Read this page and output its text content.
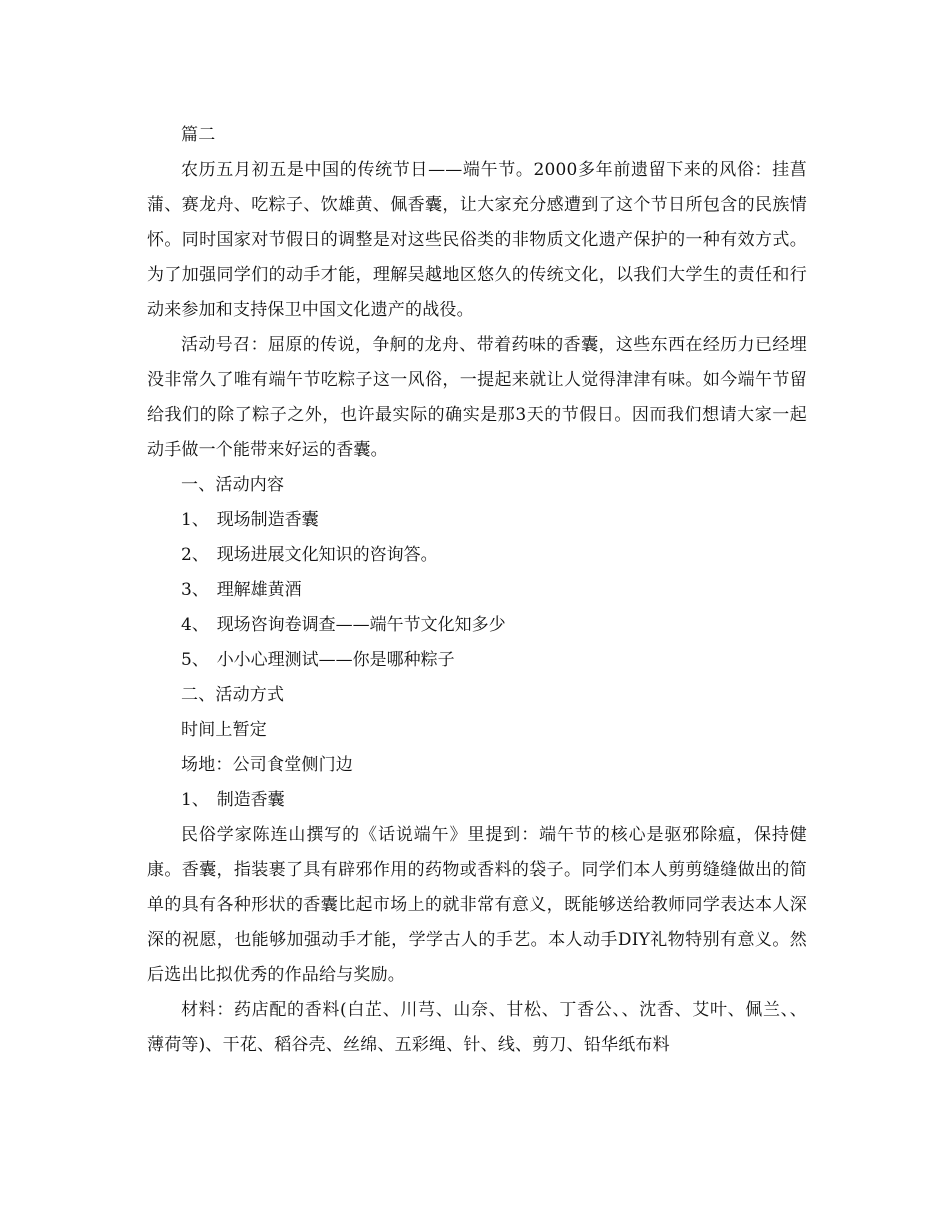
篇二

农历五月初五是中国的传统节日——端午节。2000多年前遗留下来的风俗：挂菖蒲、赛龙舟、吃粽子、饮雄黄、佩香囊，让大家充分感遭到了这个节日所包含的民族情怀。同时国家对节假日的调整是对这些民俗类的非物质文化遗产保护的一种有效方式。为了加强同学们的动手才能，理解吴越地区悠久的传统文化，以我们大学生的责任和行动来参加和支持保卫中国文化遗产的战役。

活动号召：屈原的传说，争舸的龙舟、带着药味的香囊，这些东西在经历力已经埋没非常久了唯有端午节吃粽子这一风俗，一提起来就让人觉得津津有味。如今端午节留给我们的除了粽子之外，也许最实际的确实是那3天的节假日。因而我们想请大家一起动手做一个能带来好运的香囊。

一、活动内容

1、 现场制造香囊

2、 现场进展文化知识的咨询答。

3、 理解雄黄酒

4、 现场咨询卷调查——端午节文化知多少

5、 小小心理测试——你是哪种粽子

二、活动方式

时间上暂定

场地：公司食堂侧门边

1、 制造香囊

民俗学家陈连山撰写的《话说端午》里提到：端午节的核心是驱邪除瘟，保持健康。香囊，指装裹了具有辟邪作用的药物或香料的袋子。同学们本人剪剪缝缝做出的简单的具有各种形状的香囊比起市场上的就非常有意义，既能够送给教师同学表达本人深深的祝愿，也能够加强动手才能，学学古人的手艺。本人动手DIY礼物特别有意义。然后选出比拟优秀的作品给与奖励。

材料：药店配的香料(白芷、川芎、山奈、甘松、丁香公、、沈香、艾叶、佩兰、、薄荷等)、干花、稻谷壳、丝绵、五彩绳、针、线、剪刀、铅华纸布料
